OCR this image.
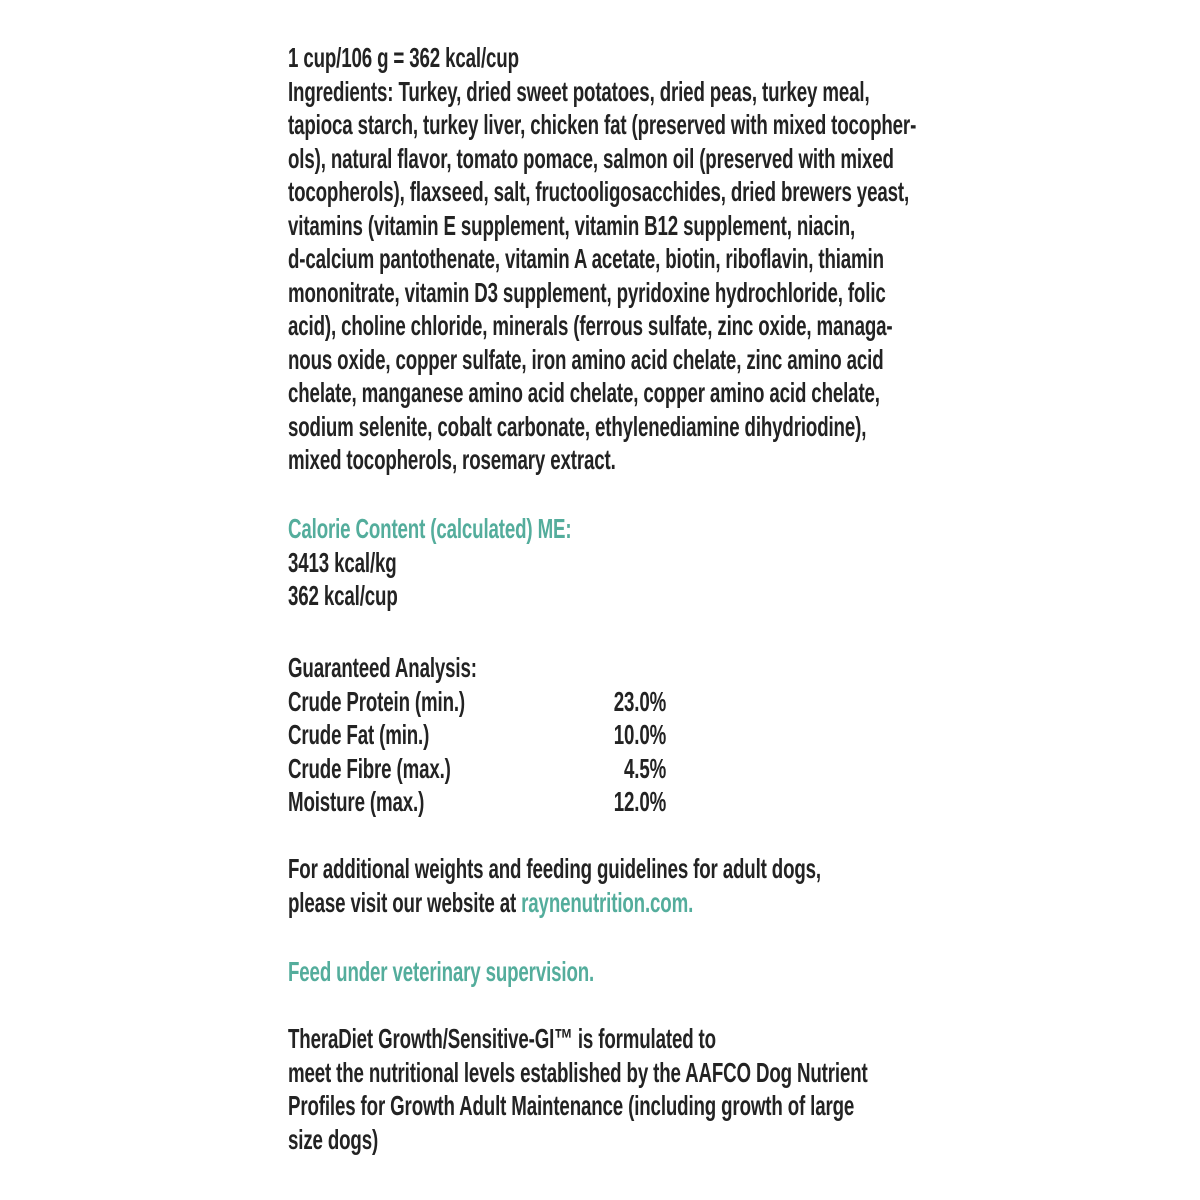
1 cup/106 g = 362 kcal/cup
Ingredients: Turkey, dried sweet potatoes, dried peas, turkey meal,
tapioca starch, turkey liver, chicken fat (preserved with mixed tocopher-
ols), natural flavor, tomato pomace, salmon oil (preserved with mixed
tocopherols), flaxseed, salt, fructooligosacchides, dried brewers yeast,
vitamins (vitamin E supplement, vitamin B12 supplement, niacin,
d-calcium pantothenate, vitamin A acetate, biotin, riboflavin, thiamin
mononitrate, vitamin D3 supplement, pyridoxine hydrochloride, folic
acid), choline chloride, minerals (ferrous sulfate, zinc oxide, managa-
nous oxide, copper sulfate, iron amino acid chelate, zinc amino acid
chelate, manganese amino acid chelate, copper amino acid chelate,
sodium selenite, cobalt carbonate, ethylenediamine dihydriodine),
mixed tocopherols, rosemary extract.
Calorie Content (calculated) ME:
3413 kcal/kg
362 kcal/cup
Guaranteed Analysis:
Crude Protein (min.)	23.0%
Crude Fat (min.)	10.0%
Crude Fibre (max.)	4.5%
Moisture (max.)	12.0%
For additional weights and feeding guidelines for adult dogs,
please visit our website at raynenutrition.com.
Feed under veterinary supervision.
TheraDiet Growth/Sensitive-GI™ is formulated to
meet the nutritional levels established by the AAFCO Dog Nutrient
Profiles for Growth Adult Maintenance (including growth of large
size dogs)
